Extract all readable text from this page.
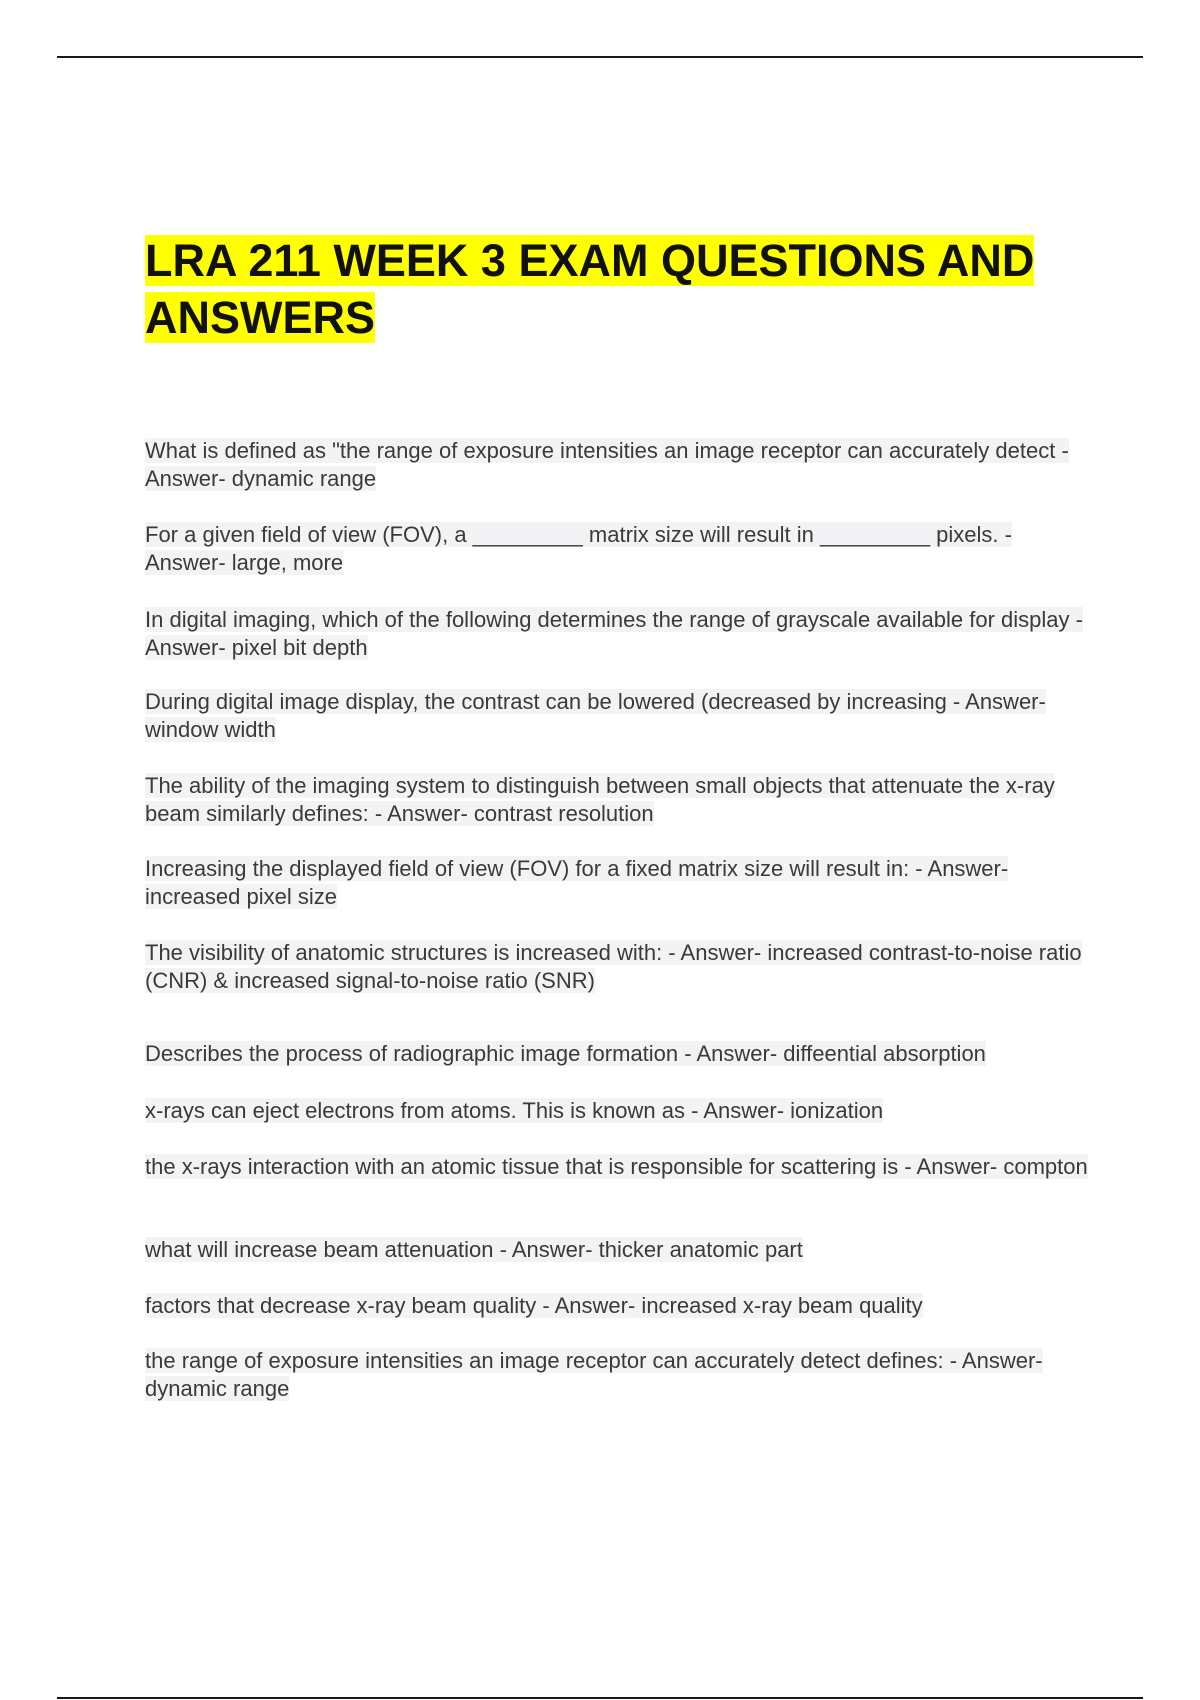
LRA 211 WEEK 3 EXAM QUESTIONS AND ANSWERS
What is defined as "the range of exposure intensities an image receptor can accurately detect - Answer- dynamic range
For a given field of view (FOV), a _________ matrix size will result in _________ pixels. - Answer- large, more
In digital imaging, which of the following determines the range of grayscale available for display - Answer- pixel bit depth
During digital image display, the contrast can be lowered (decreased by increasing - Answer- window width
The ability of the imaging system to distinguish between small objects that attenuate the x-ray beam similarly defines: - Answer- contrast resolution
Increasing the displayed field of view (FOV) for a fixed matrix size will result in: - Answer- increased pixel size
The visibility of anatomic structures is increased with: - Answer- increased contrast-to-noise ratio (CNR) & increased signal-to-noise ratio (SNR)
Describes the process of radiographic image formation - Answer- diffeential absorption
x-rays can eject electrons from atoms. This is known as - Answer- ionization
the x-rays interaction with an atomic tissue that is responsible for scattering is - Answer- compton
what will increase beam attenuation - Answer- thicker anatomic part
factors that decrease x-ray beam quality - Answer- increased x-ray beam quality
the range of exposure intensities an image receptor can accurately detect defines: - Answer- dynamic range
